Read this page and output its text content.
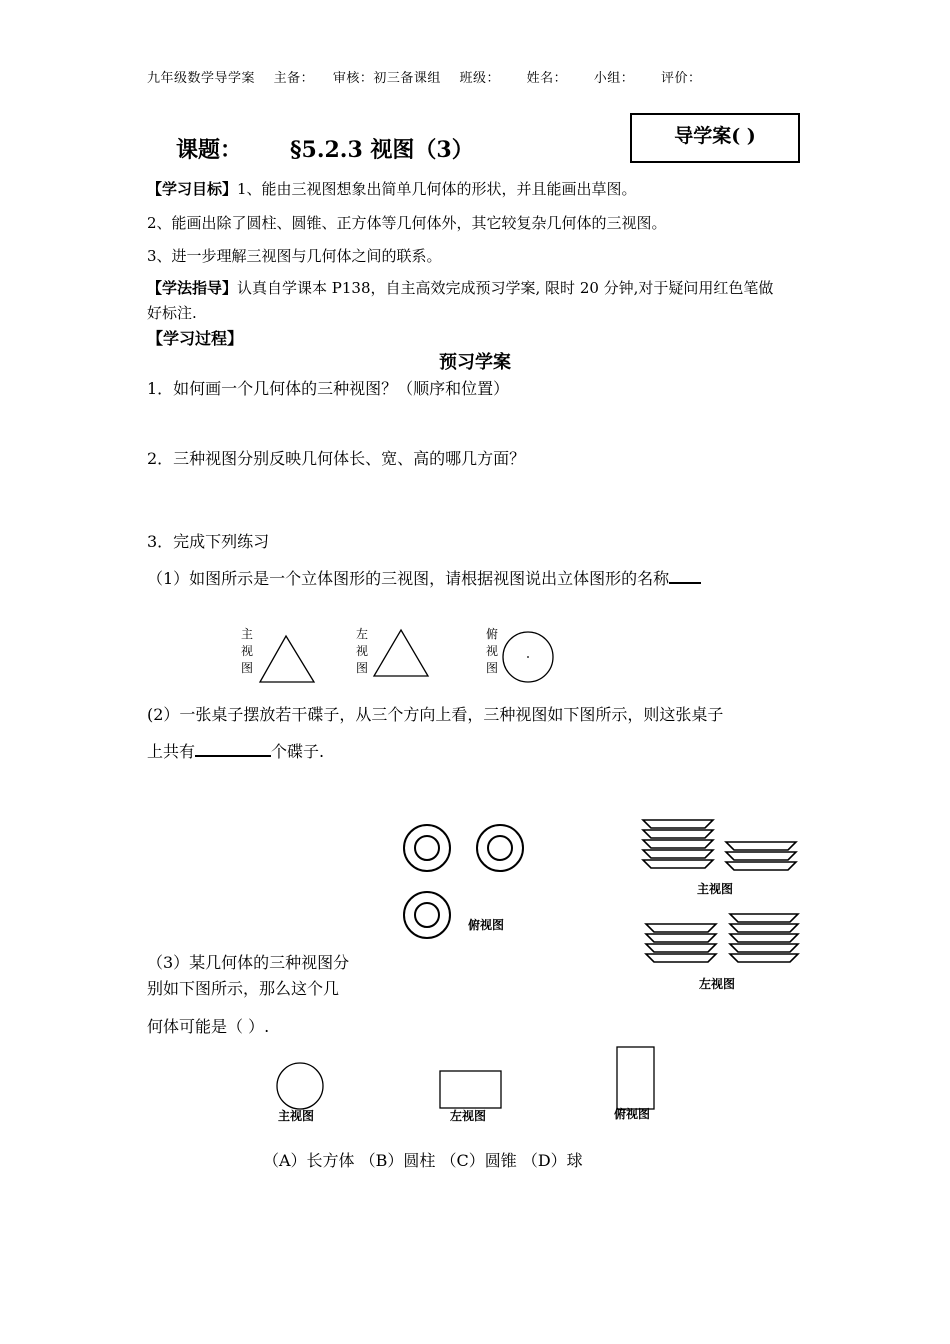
九年级数学导学案 主备： 审核：初三备课组 班级： 姓名： 小组： 评价：
课题： §5.2.3 视图（3）
导学案( )
【学习目标】1、能由三视图想象出简单几何体的形状，并且能画出草图。
2、能画出除了圆柱、圆锥、正方体等几何体外，其它较复杂几何体的三视图。
3、进一步理解三视图与几何体之间的联系。
【学法指导】认真自学课本 P138，自主高效完成预习学案, 限时 20 分钟,对于疑问用红色笔做
好标注.
【学习过程】
预习学案
1．如何画一个几何体的三种视图？（顺序和位置）
2．三种视图分别反映几何体长、宽、高的哪几方面？
3．完成下列练习
（1）如图所示是一个立体图形的三视图，请根据视图说出立体图形的名称
主
视
图
左
视
图
俯
视
图
(2）一张桌子摆放若干碟子，从三个方向上看，三种视图如下图所示，则这张桌子
上共有	个碟子.
俯视图
主视图
左视图
（3）某几何体的三种视图分
别如下图所示，那么这个几
何体可能是（ ）.
主视图	左视图	俯视图
（A）长方体 （B）圆柱 （C）圆锥 （D）球
